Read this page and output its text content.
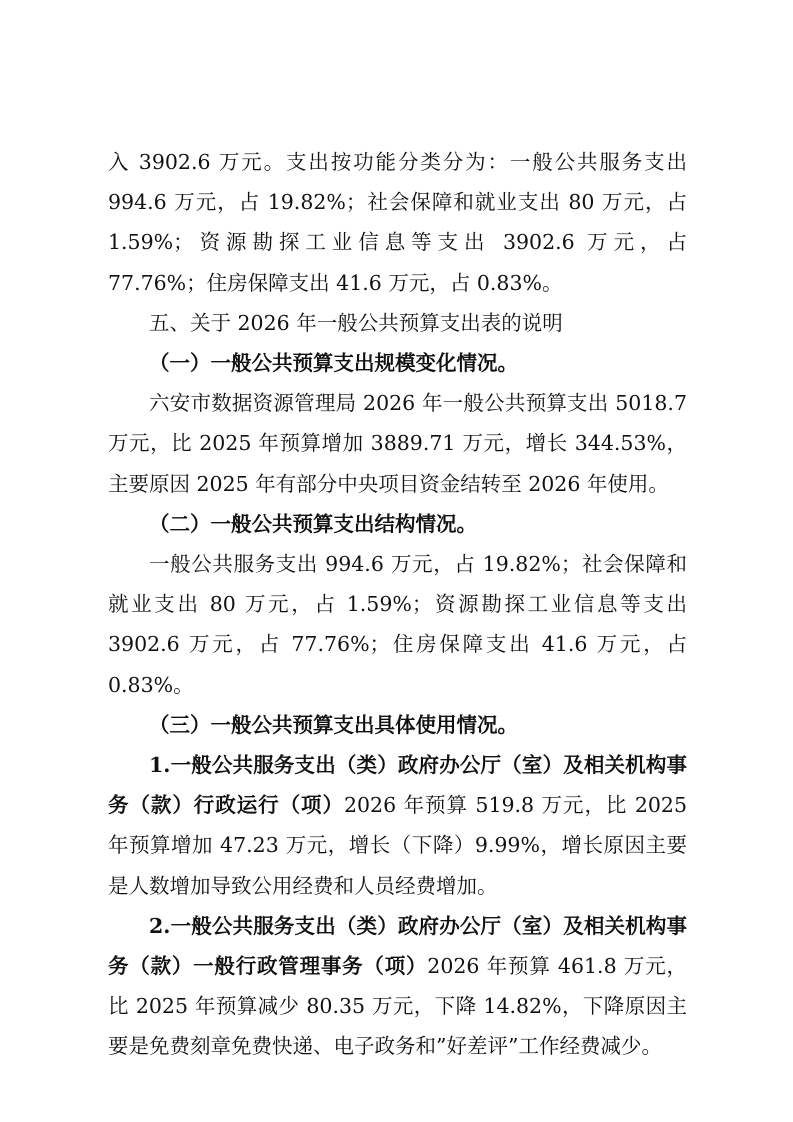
入 3902.6 万元。支出按功能分类分为：一般公共服务支出 994.6 万元，占 19.82%；社会保障和就业支出 80 万元，占 1.59%；资源勘探工业信息等支出 3902.6 万元，占 77.76%；住房保障支出 41.6 万元，占 0.83%。

五、关于 2026 年一般公共预算支出表的说明

（一）一般公共预算支出规模变化情况。

六安市数据资源管理局 2026 年一般公共预算支出 5018.7 万元，比 2025 年预算增加 3889.71 万元，增长 344.53%，主要原因 2025 年有部分中央项目资金结转至 2026 年使用。

（二）一般公共预算支出结构情况。

一般公共服务支出 994.6 万元，占 19.82%；社会保障和就业支出 80 万元，占 1.59%；资源勘探工业信息等支出 3902.6 万元，占 77.76%；住房保障支出 41.6 万元，占 0.83%。

（三）一般公共预算支出具体使用情况。

1.一般公共服务支出（类）政府办公厅（室）及相关机构事务（款）行政运行（项）2026 年预算 519.8 万元，比 2025 年预算增加 47.23 万元，增长（下降）9.99%，增长原因主要是人数增加导致公用经费和人员经费增加。

2.一般公共服务支出（类）政府办公厅（室）及相关机构事务（款）一般行政管理事务（项）2026 年预算 461.8 万元，比 2025 年预算减少 80.35 万元，下降 14.82%，下降原因主要是免费刻章免费快递、电子政务和”好差评”工作经费减少。
